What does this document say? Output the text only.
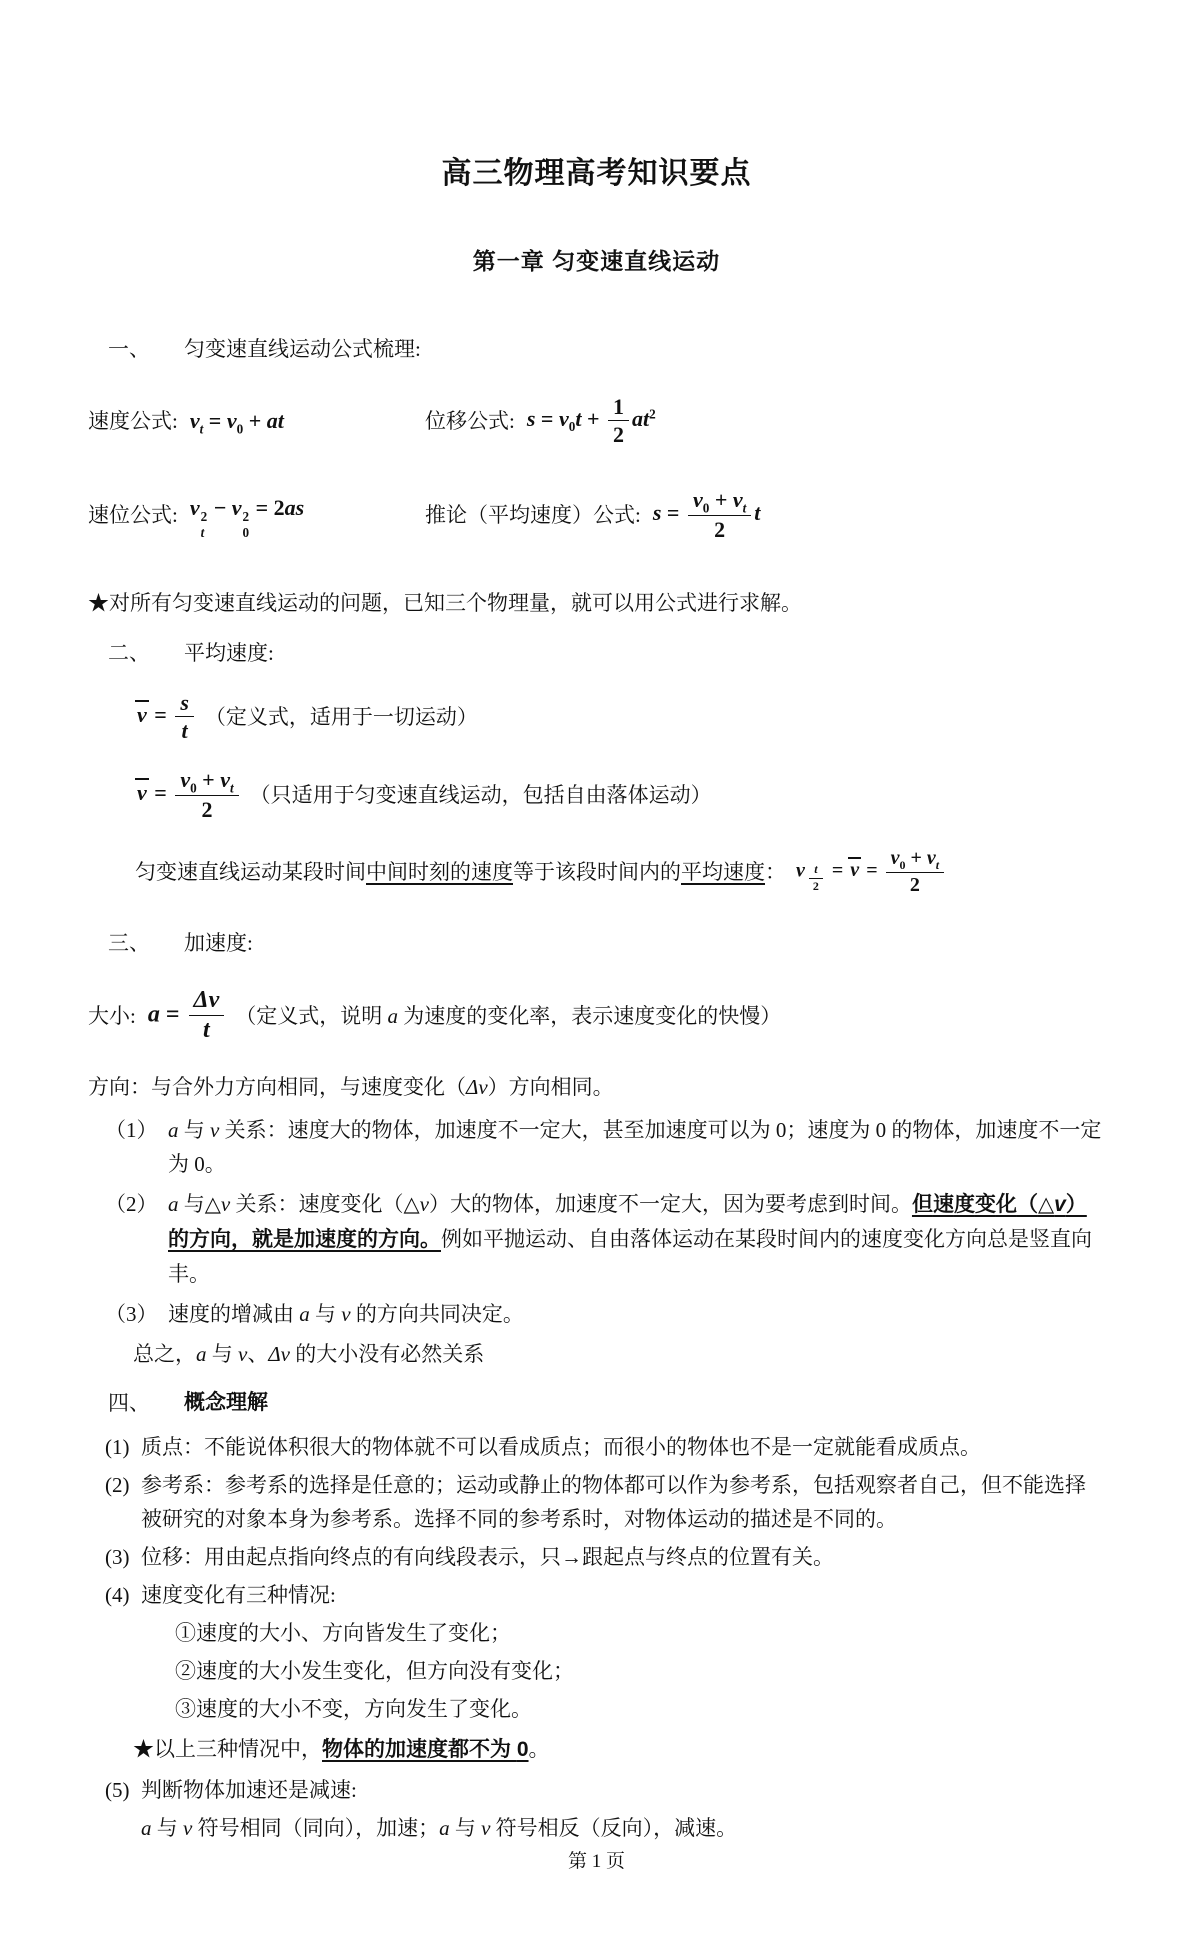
高三物理高考知识要点
第一章 匀变速直线运动
一、	匀变速直线运动公式梳理:
速度公式: $v_t = v_0$ + at	位移公式: $s = v_0t + \frac{1}{2} at^2$
速位公式: v 2
t
− v 2
0
= 2as	推论（平均速度）公式: $s = \frac{v_0 + v_t}{2}$ t

★对所有匀变速直线运动的问题，已知三个物理量，就可以用公式进行求解。

二、	平均速度:
$v = \frac{s}{t}$ （定义式，适用于一切运动）
$v = \frac{v_0 + v_t}{2}$ （只适用于匀变速直线运动，包括自由落体运动）
匀变速直线运动某段时间中间时刻的速度等于该段时间内的平均速度： v $_{\frac{t}{2}} = v = \frac{v_0 + v_t}{2}$
三、	加速度:
大小: $a = \frac{\Delta v}{t}$ （定义式，说明 a 为速度的变化率，表示速度变化的快慢）

方向：与合外力方向相同，与速度变化（Δv）方向相同。

（1） a 与 v 关系：速度大的物体，加速度不一定大，甚至加速度可以为 0；速度为 0 的物体，加速度不一定为 0。
（2） a 与△v 关系：速度变化（△v）大的物体，加速度不一定大，因为要考虑到时间。但速度变化（△v）的方向，就是加速度的方向。例如平抛运动、自由落体运动在某段时间内的速度变化方向总是竖直向丰。
（3） 速度的增减由 a 与 v 的方向共同决定。

总之，a 与 v、Δv 的大小没有必然关系

四、	概念理解
(1) 质点：不能说体积很大的物体就不可以看成质点；而很小的物体也不是一定就能看成质点。
(2) 参考系：参考系的选择是任意的；运动或静止的物体都可以作为参考系，包括观察者自己，但不能选择被研究的对象本身为参考系。选择不同的参考系时，对物体运动的描述是不同的。
(3) 位移：用由起点指向终点的有向线段表示，只→跟起点与终点的位置有关。
(4) 速度变化有三种情况:

①速度的大小、方向皆发生了变化；

②速度的大小发生变化，但方向没有变化；

③速度的大小不变，方向发生了变化。

★以上三种情况中，物体的加速度都不为 0。

(5) 判断物体加速还是减速:

a 与 v 符号相同（同向），加速；a 与 v 符号相反（反向），减速。

第 1 页
